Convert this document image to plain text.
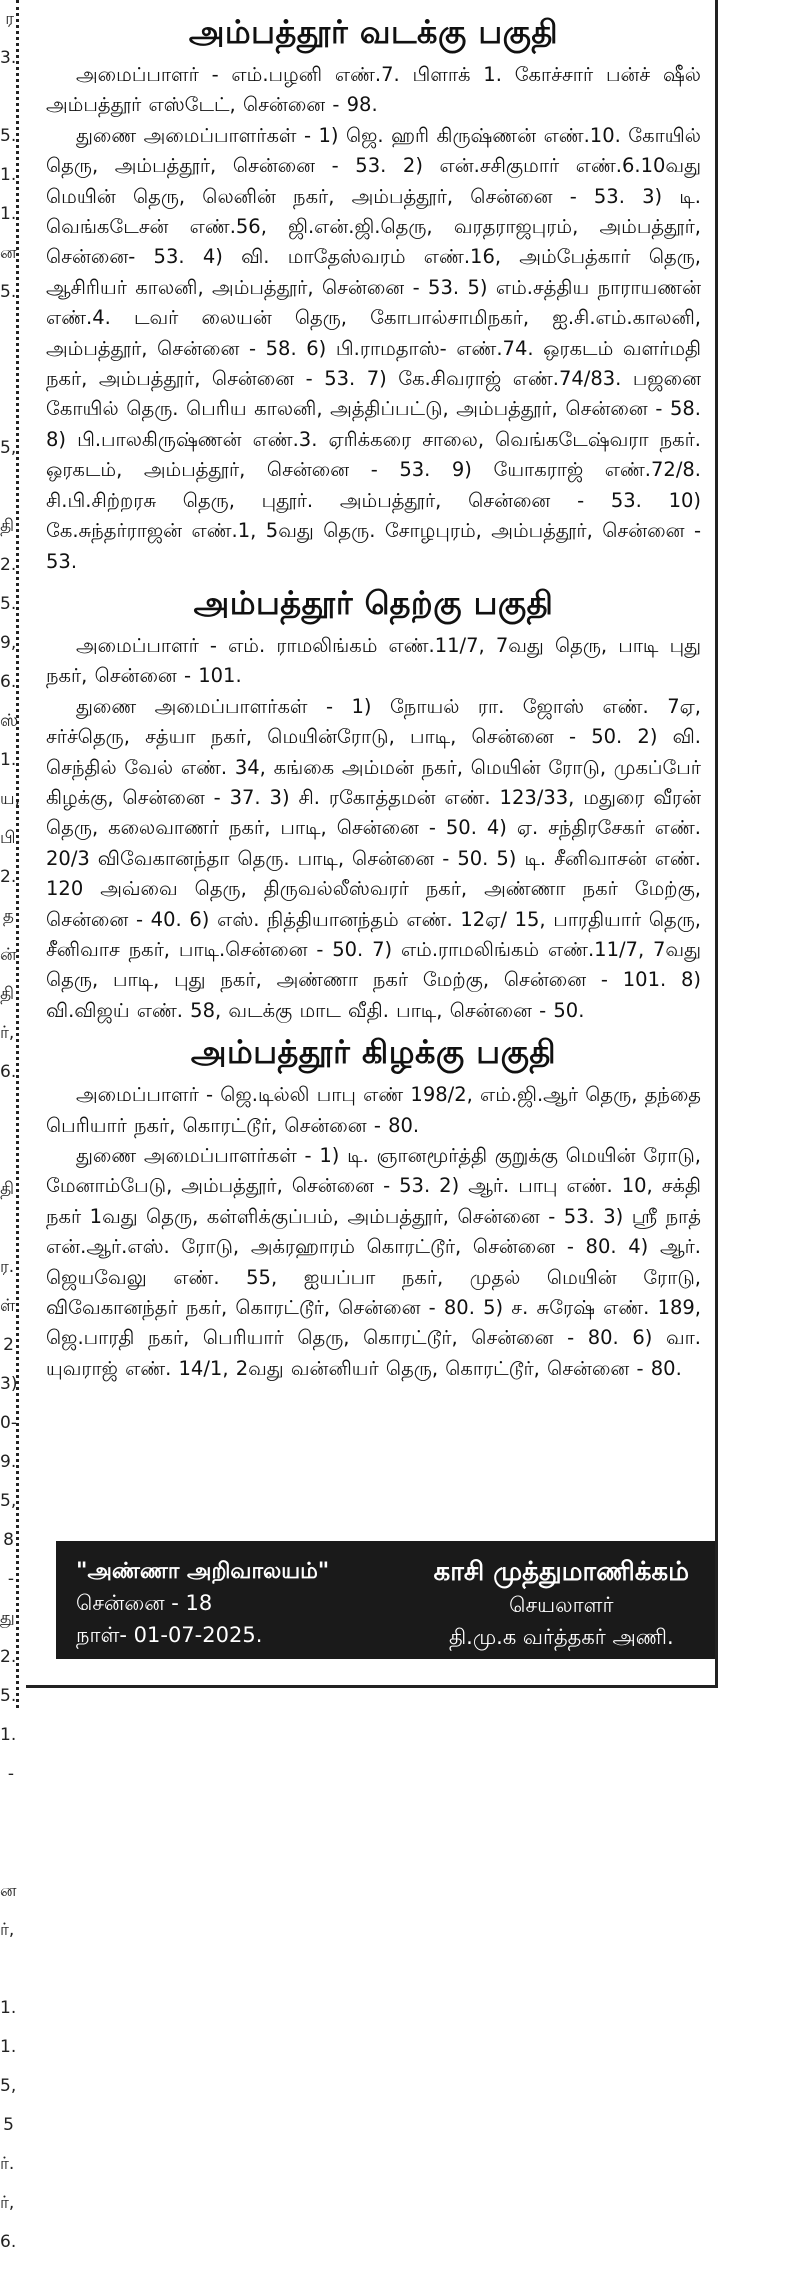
ர
3.
5.
1.
1.
ன
5.
5,
தி
2.
5.
9,
6.
ஸ்
1.
ய,
பி.
2.
த
ன்
தி
ர்,
6.
தி
ர.
ள்
2
3)
0-
9.
5,
8
-
து
2.
5.
1.
-
ன
ர்,
1.
1.
5,
5
ர்.
ர்,
6.
அம்பத்தூர் வடக்கு பகுதி

அமைப்பாளர் - எம்.பழனி எண்.7. பிளாக் 1. கோச்சார் பன்ச் ஷீல் அம்பத்தூர் எஸ்டேட், சென்னை - 98.

துணை அமைப்பாளர்கள் - 1) ஜெ. ஹரி கிருஷ்ணன் எண்.10. கோயில் தெரு, அம்பத்தூர், சென்னை - 53. 2) என்.சசிகுமார் எண்.6.10வது மெயின் தெரு, லெனின் நகர், அம்பத்தூர், சென்னை - 53. 3) டி. வெங்கடேசன் எண்.56, ஜி.என்.ஜி.தெரு, வரதராஜபுரம், அம்பத்தூர், சென்னை- 53. 4) வி. மாதேஸ்வரம் எண்.16, அம்பேத்கார் தெரு, ஆசிரியர் காலனி, அம்பத்தூர், சென்னை - 53. 5) எம்.சத்திய நாராயணன் எண்.4. டவர் லையன் தெரு, கோபால்சாமிநகர், ஐ.சி.எம்.காலனி, அம்பத்தூர், சென்னை - 58. 6) பி.ராமதாஸ்- எண்.74. ஒரகடம் வளர்மதி நகர், அம்பத்தூர், சென்னை - 53. 7) கே.சிவராஜ் எண்.74/83. பஜனை கோயில் தெரு. பெரிய காலனி, அத்திப்பட்டு, அம்பத்தூர், சென்னை - 58. 8) பி.பாலகிருஷ்ணன் எண்.3. ஏரிக்கரை சாலை, வெங்கடேஷ்வரா நகர். ஒரகடம், அம்பத்தூர், சென்னை - 53. 9) யோகராஜ் எண்.72/8. சி.பி.சிற்றரசு தெரு, புதூர். அம்பத்தூர், சென்னை - 53. 10) கே.சுந்தர்ராஜன் எண்.1, 5வது தெரு. சோழபுரம், அம்பத்தூர், சென்னை - 53.

அம்பத்தூர் தெற்கு பகுதி

அமைப்பாளர் - எம். ராமலிங்கம் எண்.11/7, 7வது தெரு, பாடி புது நகர், சென்னை - 101.

துணை அமைப்பாளர்கள் - 1) நோயல் ரா. ஜோஸ் எண். 7ஏ, சர்ச்தெரு, சத்யா நகர், மெயின்ரோடு, பாடி, சென்னை - 50. 2) வி. செந்தில் வேல் எண். 34, கங்கை அம்மன் நகர், மெயின் ரோடு, முகப்பேர் கிழக்கு, சென்னை - 37. 3) சி. ரகோத்தமன் எண். 123/33, மதுரை வீரன் தெரு, கலைவாணர் நகர், பாடி, சென்னை - 50. 4) ஏ. சந்திரசேகர் எண். 20/3 விவேகானந்தா தெரு. பாடி, சென்னை - 50. 5) டி. சீனிவாசன் எண். 120 அவ்வை தெரு, திருவல்லீஸ்வரர் நகர், அண்ணா நகர் மேற்கு, சென்னை - 40. 6) எஸ். நித்தியானந்தம் எண். 12ஏ/ 15, பாரதியார் தெரு, சீனிவாச நகர், பாடி.சென்னை - 50. 7) எம்.ராமலிங்கம் எண்.11/7, 7வது தெரு, பாடி, புது நகர், அண்ணா நகர் மேற்கு, சென்னை - 101. 8) வி.விஜய் எண். 58, வடக்கு மாட வீதி. பாடி, சென்னை - 50.

அம்பத்தூர் கிழக்கு பகுதி

அமைப்பாளர் - ஜெ.டில்லி பாபு எண் 198/2, எம்.ஜி.ஆர் தெரு, தந்தை பெரியார் நகர், கொரட்டூர், சென்னை - 80.

துணை அமைப்பாளர்கள் - 1) டி. ஞானமூர்த்தி குறுக்கு மெயின் ரோடு, மேனாம்பேடு, அம்பத்தூர், சென்னை - 53. 2) ஆர். பாபு எண். 10, சக்தி நகர் 1வது தெரு, கள்ளிக்குப்பம், அம்பத்தூர், சென்னை - 53. 3) ஸ்ரீ நாத் என்.ஆர்.எஸ். ரோடு, அக்ரஹாரம் கொரட்டூர், சென்னை - 80. 4) ஆர். ஜெயவேலு எண். 55, ஐயப்பா நகர், முதல் மெயின் ரோடு, விவேகானந்தர் நகர், கொரட்டூர், சென்னை - 80. 5) ச. சுரேஷ் எண். 189, ஜெ.பாரதி நகர், பெரியார் தெரு, கொரட்டூர், சென்னை - 80. 6) வா. யுவராஜ் எண். 14/1, 2வது வன்னியர் தெரு, கொரட்டூர், சென்னை - 80.

"அண்ணா அறிவாலயம்"
சென்னை - 18
நாள்- 01-07-2025.
காசி முத்துமாணிக்கம்
செயலாளர்
தி.மு.க வர்த்தகர் அணி.
